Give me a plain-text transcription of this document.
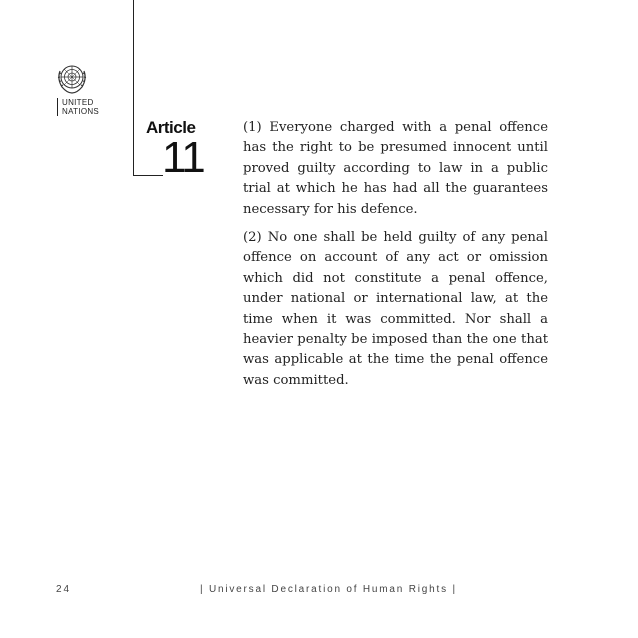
UNITED
NATIONS
Article
11

(1) Everyone charged with a penal offence has the right to be presumed innocent until proved guilty according to law in a public trial at which he has had all the guarantees necessary for his defence.

(2) No one shall be held guilty of any penal offence on account of any act or omission which did not constitute a penal offence, under national or international law, at the time when it was committed. Nor shall a heavier penalty be imposed than the one that was applicable at the time the penal offence was committed.

24	| Universal Declaration of Human Rights |
